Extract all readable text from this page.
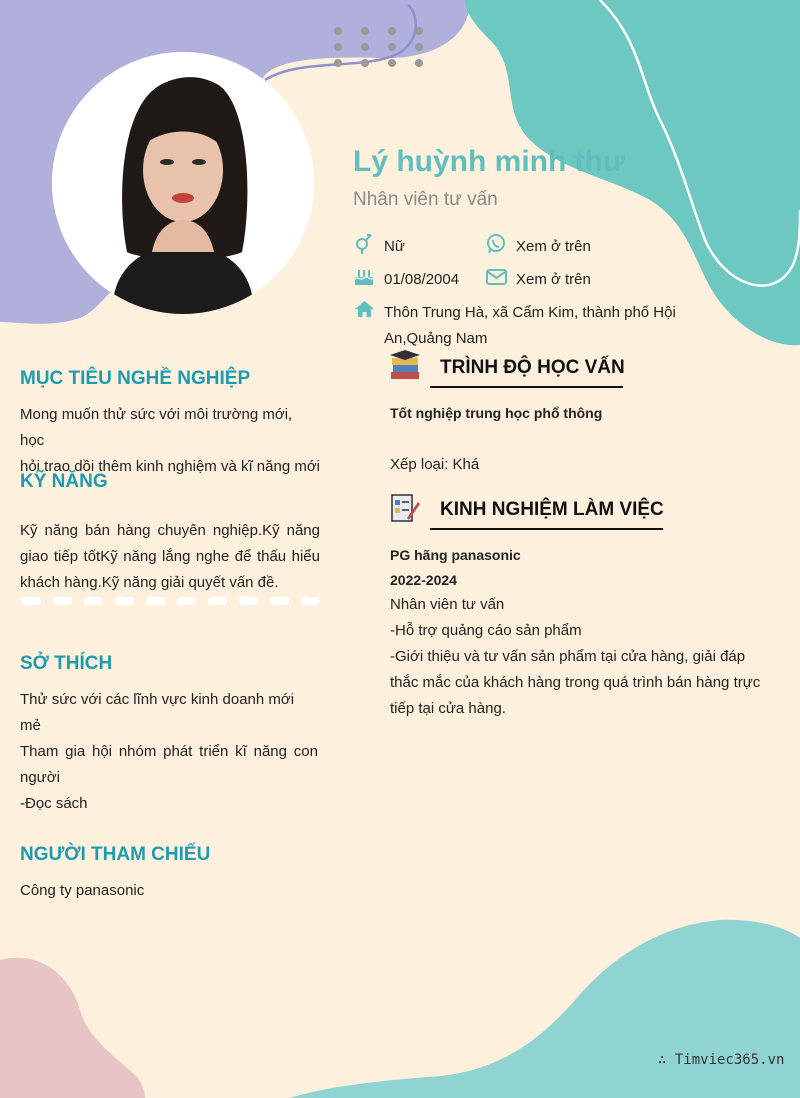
Lý huỳnh minh thư
Nhân viên tư vấn
Nữ	Xem ở trên
01/08/2004	Xem ở trên
Thôn Trung Hà, xã Cẩm Kim, thành phố Hội
An,Quảng Nam
MỤC TIÊU NGHỀ NGHIỆP
Mong muốn thử sức với môi trường mới, học
hỏi trao dồi thêm kinh nghiệm và kĩ năng mới
KỸ NĂNG
Kỹ năng bán hàng chuyên nghiệp.Kỹ năng
giao tiếp tốtKỹ năng lắng nghe để thấu hiểu
khách hàng.Kỹ năng giải quyết vấn đề.
SỞ THÍCH
Thử sức với các lĩnh vực kinh doanh mới mẻ
Tham gia hội nhóm phát triển kĩ năng con
người
-Đọc sách
NGƯỜI THAM CHIẾU
Công ty panasonic
TRÌNH ĐỘ HỌC VẤN
Tốt nghiệp trung học phổ thông
Xếp loại: Khá
KINH NGHIỆM LÀM VIỆC
PG hãng panasonic
2022-2024
Nhân viên tư vấn
-Hỗ trợ quảng cáo sản phẩm
-Giới thiệu và tư vấn sản phẩm tại cửa hàng, giải đáp
thắc mắc của khách hàng trong quá trình bán hàng trực
tiếp tại cửa hàng.
∴ Timviec365.vn
